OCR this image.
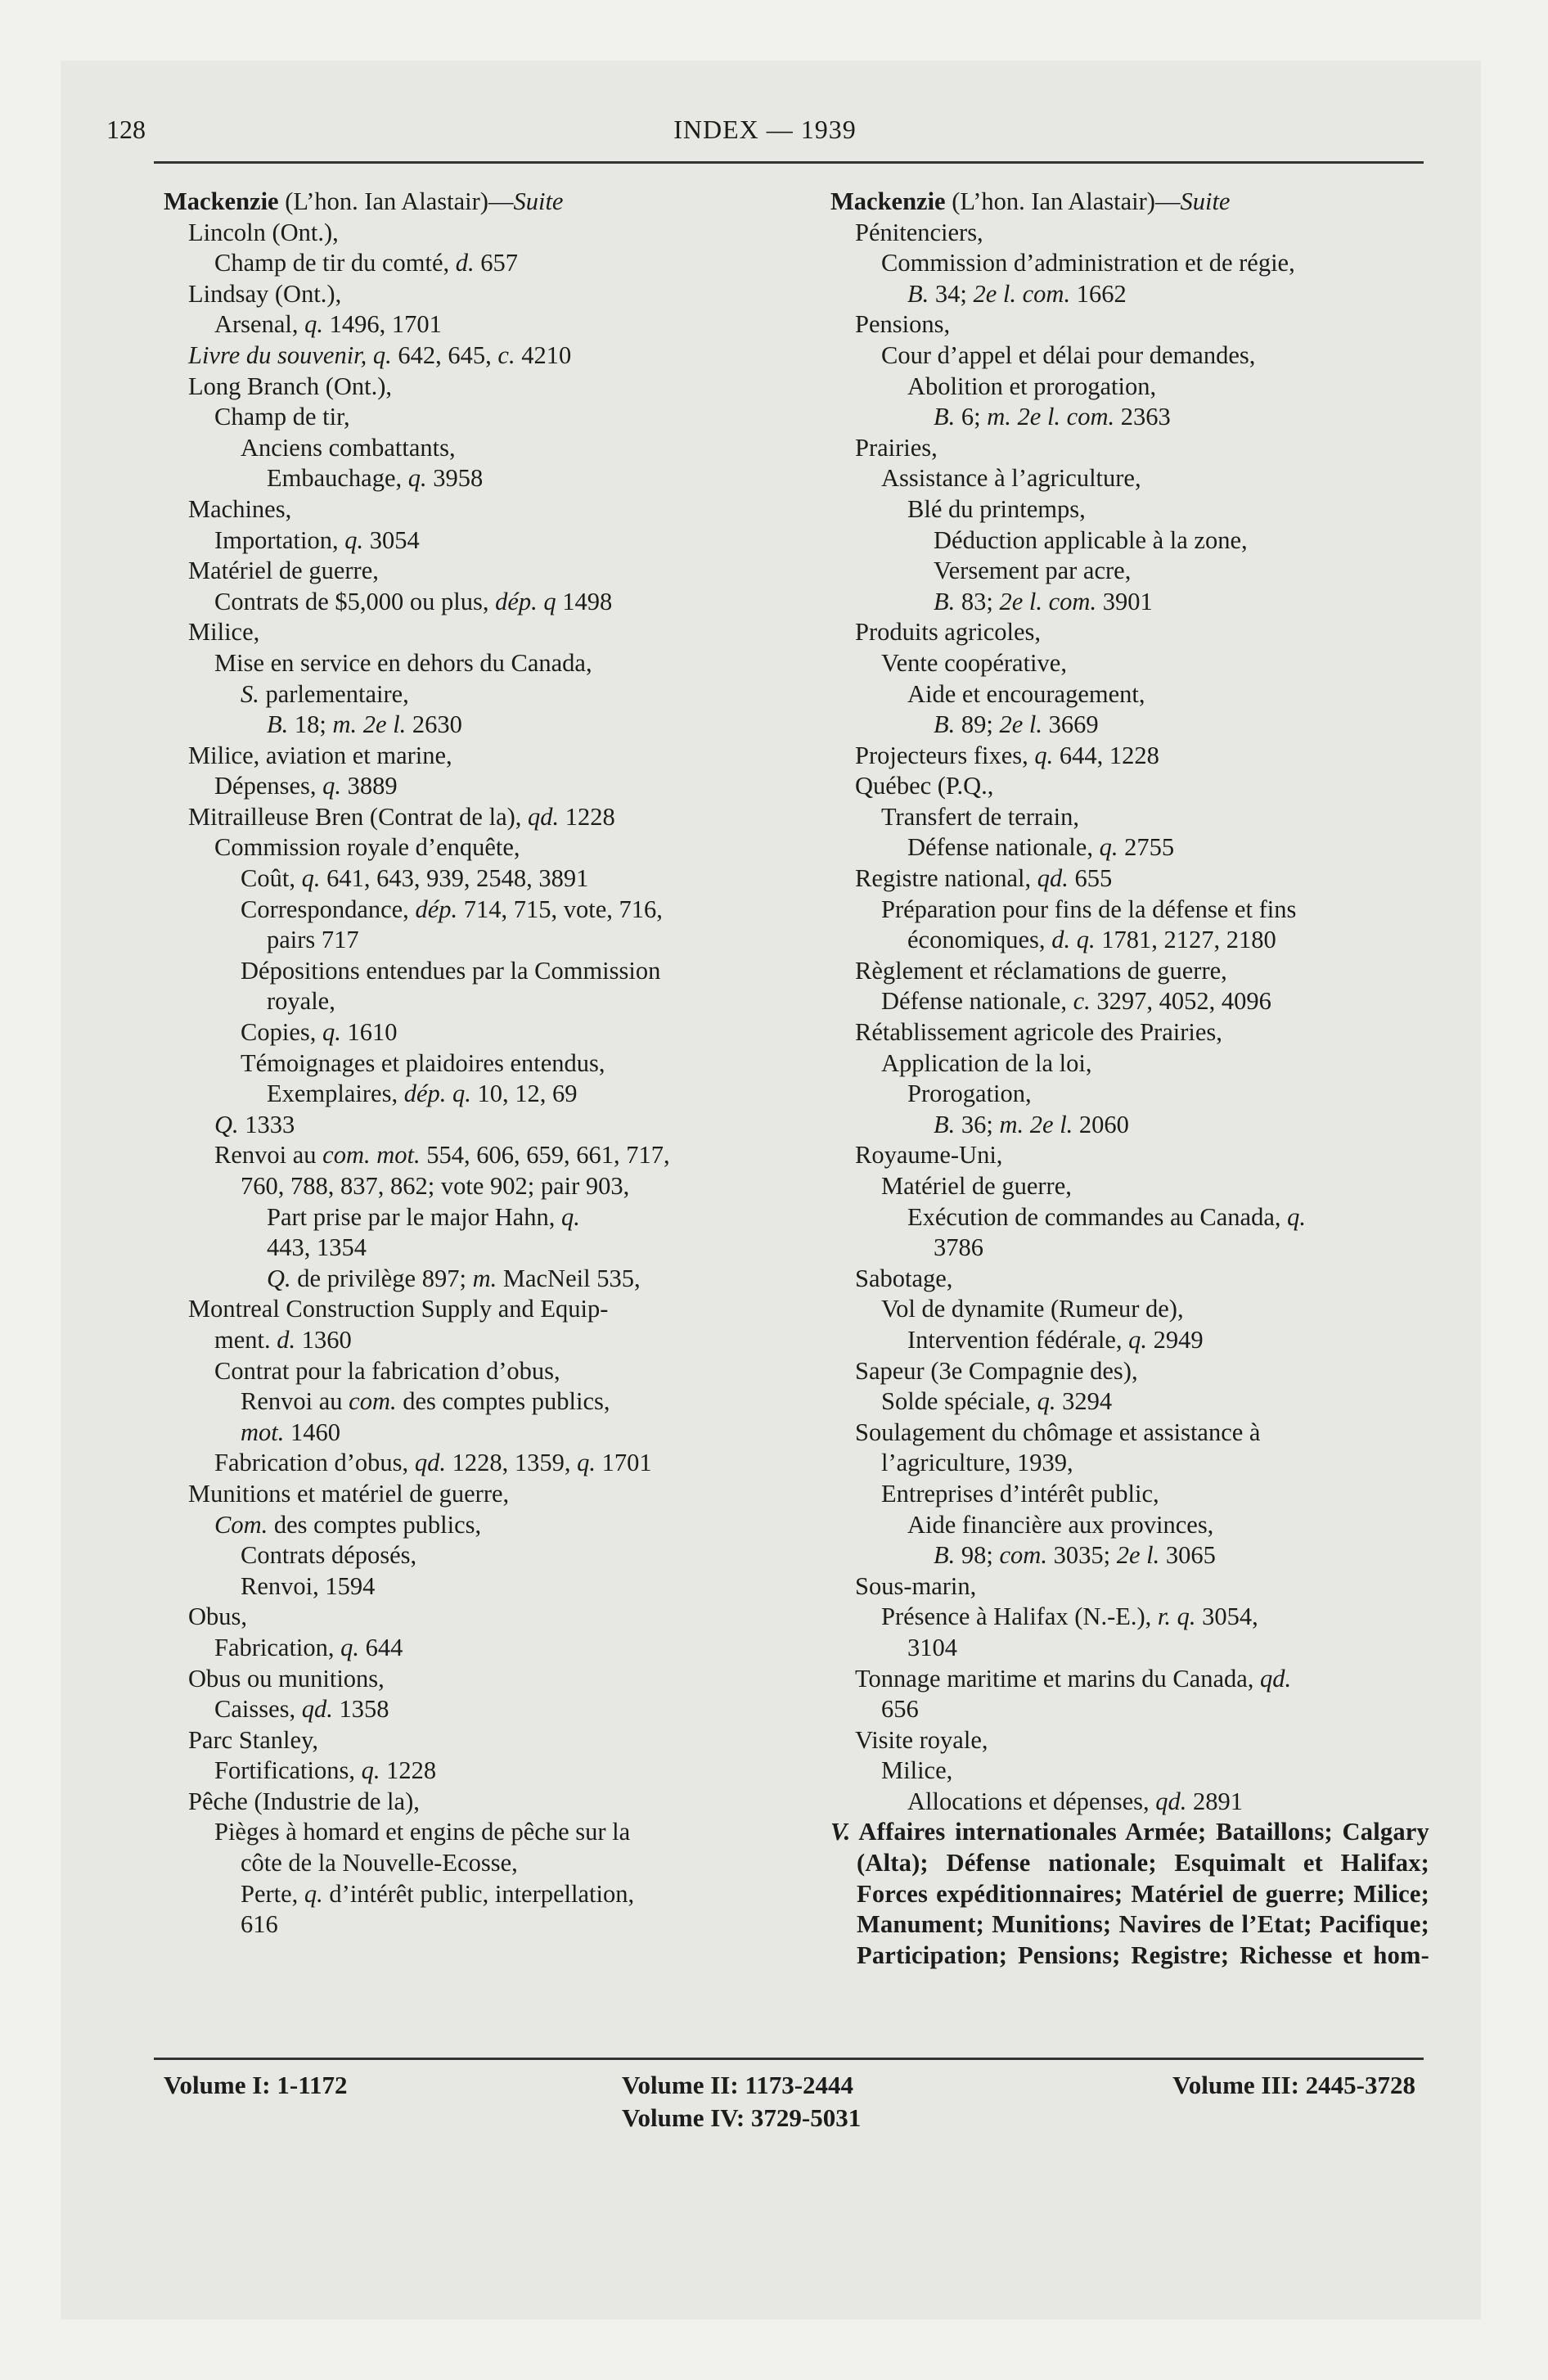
128	INDEX — 1939
Mackenzie (L’hon. Ian Alastair)—Suite
Lincoln (Ont.),
Champ de tir du comté, d. 657
Lindsay (Ont.),
Arsenal, q. 1496, 1701
Livre du souvenir, q. 642, 645, c. 4210
Long Branch (Ont.),
Champ de tir,
Anciens combattants,
Embauchage, q. 3958
Machines,
Importation, q. 3054
Matériel de guerre,
Contrats de $5,000 ou plus, dép. q 1498
Milice,
Mise en service en dehors du Canada,
S. parlementaire,
B. 18; m. 2e l. 2630
Milice, aviation et marine,
Dépenses, q. 3889
Mitrailleuse Bren (Contrat de la), qd. 1228
Commission royale d’enquête,
Coût, q. 641, 643, 939, 2548, 3891
Correspondance, dép. 714, 715, vote, 716,
pairs 717
Dépositions entendues par la Commission
royale,
Copies, q. 1610
Témoignages et plaidoires entendus,
Exemplaires, dép. q. 10, 12, 69
Q. 1333
Renvoi au com. mot. 554, 606, 659, 661, 717,
760, 788, 837, 862; vote 902; pair 903,
Part prise par le major Hahn, q.
443, 1354
Q. de privilège 897; m. MacNeil 535,
Montreal Construction Supply and Equip-
ment. d. 1360
Contrat pour la fabrication d’obus,
Renvoi au com. des comptes publics,
mot. 1460
Fabrication d’obus, qd. 1228, 1359, q. 1701
Munitions et matériel de guerre,
Com. des comptes publics,
Contrats déposés,
Renvoi, 1594
Obus,
Fabrication, q. 644
Obus ou munitions,
Caisses, qd. 1358
Parc Stanley,
Fortifications, q. 1228
Pêche (Industrie de la),
Pièges à homard et engins de pêche sur la
côte de la Nouvelle-Ecosse,
Perte, q. d’intérêt public, interpellation,
616
Mackenzie (L’hon. Ian Alastair)—Suite
Pénitenciers,
Commission d’administration et de régie,
B. 34; 2e l. com. 1662
Pensions,
Cour d’appel et délai pour demandes,
Abolition et prorogation,
B. 6; m. 2e l. com. 2363
Prairies,
Assistance à l’agriculture,
Blé du printemps,
Déduction applicable à la zone,
Versement par acre,
B. 83; 2e l. com. 3901
Produits agricoles,
Vente coopérative,
Aide et encouragement,
B. 89; 2e l. 3669
Projecteurs fixes, q. 644, 1228
Québec (P.Q.,
Transfert de terrain,
Défense nationale, q. 2755
Registre national, qd. 655
Préparation pour fins de la défense et fins
économiques, d. q. 1781, 2127, 2180
Règlement et réclamations de guerre,
Défense nationale, c. 3297, 4052, 4096
Rétablissement agricole des Prairies,
Application de la loi,
Prorogation,
B. 36; m. 2e l. 2060
Royaume-Uni,
Matériel de guerre,
Exécution de commandes au Canada, q.
3786
Sabotage,
Vol de dynamite (Rumeur de),
Intervention fédérale, q. 2949
Sapeur (3e Compagnie des),
Solde spéciale, q. 3294
Soulagement du chômage et assistance à
l’agriculture, 1939,
Entreprises d’intérêt public,
Aide financière aux provinces,
B. 98; com. 3035; 2e l. 3065
Sous-marin,
Présence à Halifax (N.-E.), r. q. 3054,
3104
Tonnage maritime et marins du Canada, qd.
656
Visite royale,
Milice,
Allocations et dépenses, qd. 2891
V. Affaires internationales Armée; Bataillons; Calgary (Alta); Défense nationale; Esquimalt et Halifax; Forces expéditionnaires; Matériel de guerre; Milice; Manument; Munitions; Navires de l’Etat; Pacifique; Participation; Pensions; Registre; Richesse et hom-
Volume I: 1-1172	Volume II: 1173-2444
Volume IV: 3729-5031
Volume III: 2445-3728
